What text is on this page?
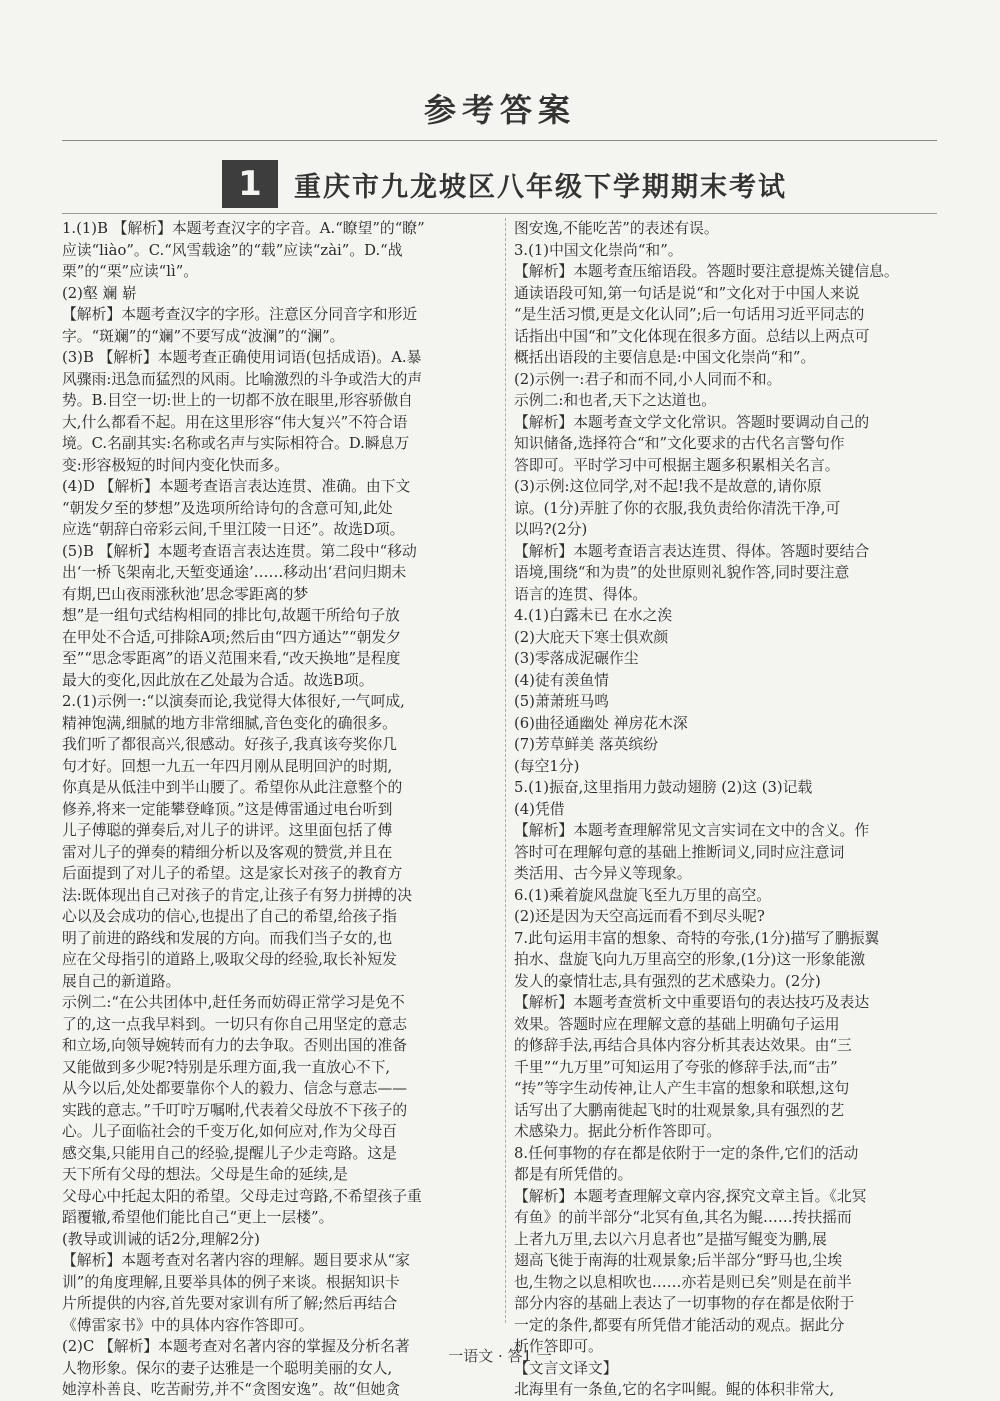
参考答案
1	重庆市九龙坡区八年级下学期期末考试
1.(1)B 【解析】本题考查汉字的字音。A.“瞭望”的“瞭”
应读“liào”。C.“风雪载途”的“载”应读“zài”。D.“战
栗”的“栗”应读“lì”。
(2)壑 斓 崭
【解析】本题考查汉字的字形。注意区分同音字和形近
字。“斑斓”的“斓”不要写成“波澜”的“澜”。
(3)B 【解析】本题考查正确使用词语(包括成语)。A.暴
风骤雨:迅急而猛烈的风雨。比喻激烈的斗争或浩大的声
势。B.目空一切:世上的一切都不放在眼里,形容骄傲自
大,什么都看不起。用在这里形容“伟大复兴”不符合语
境。C.名副其实:名称或名声与实际相符合。D.瞬息万
变:形容极短的时间内变化快而多。
(4)D 【解析】本题考查语言表达连贯、准确。由下文
“朝发夕至的梦想”及选项所给诗句的含意可知,此处
应选“朝辞白帝彩云间,千里江陵一日还”。故选D项。
(5)B 【解析】本题考查语言表达连贯。第二段中“移动
出‘一桥飞架南北,天堑变通途’……移动出‘君问归期未
有期,巴山夜雨涨秋池’思念零距离的梦
想”是一组句式结构相同的排比句,故题干所给句子放
在甲处不合适,可排除A项;然后由“四方通达”“朝发夕
至”“思念零距离”的语义范围来看,“改天换地”是程度
最大的变化,因此放在乙处最为合适。故选B项。
2.(1)示例一:“以演奏而论,我觉得大体很好,一气呵成,
精神饱满,细腻的地方非常细腻,音色变化的确很多。
我们听了都很高兴,很感动。好孩子,我真该夸奖你几
句才好。回想一九五一年四月刚从昆明回沪的时期,
你真是从低洼中到半山腰了。希望你从此注意整个的
修养,将来一定能攀登峰顶。”这是傅雷通过电台听到
儿子傅聪的弹奏后,对儿子的讲评。这里面包括了傅
雷对儿子的弹奏的精细分析以及客观的赞赏,并且在
后面提到了对儿子的希望。这是家长对孩子的教育方
法:既体现出自己对孩子的肯定,让孩子有努力拼搏的决
心以及会成功的信心,也提出了自己的希望,给孩子指
明了前进的路线和发展的方向。而我们当子女的,也
应在父母指引的道路上,吸取父母的经验,取长补短发
展自己的新道路。
示例二:“在公共团体中,赶任务而妨碍正常学习是免不
了的,这一点我早料到。一切只有你自己用坚定的意志
和立场,向领导婉转而有力的去争取。否则出国的准备
又能做到多少呢?特别是乐理方面,我一直放心不下,
从今以后,处处都要靠你个人的毅力、信念与意志——
实践的意志。”千叮咛万嘱咐,代表着父母放不下孩子的
心。儿子面临社会的千变万化,如何应对,作为父母百
感交集,只能用自己的经验,提醒儿子少走弯路。这是
天下所有父母的想法。父母是生命的延续,是
父母心中托起太阳的希望。父母走过弯路,不希望孩子重
蹈覆辙,希望他们能比自己“更上一层楼”。
(教导或训诫的话2分,理解2分)
【解析】本题考查对名著内容的理解。题目要求从“家
训”的角度理解,且要举具体的例子来谈。根据知识卡
片所提供的内容,首先要对家训有所了解;然后再结合
《傅雷家书》中的具体内容作答即可。
(2)C 【解析】本题考查对名著内容的掌握及分析名著
人物形象。保尔的妻子达雅是一个聪明美丽的女人,
她淳朴善良、吃苦耐劳,并不“贪图安逸”。故“但她贪
图安逸,不能吃苦”的表述有误。
3.(1)中国文化崇尚“和”。
【解析】本题考查压缩语段。答题时要注意提炼关键信息。
通读语段可知,第一句话是说“和”文化对于中国人来说
“是生活习惯,更是文化认同”;后一句话用习近平同志的
话指出中国“和”文化体现在很多方面。总结以上两点可
概括出语段的主要信息是:中国文化崇尚“和”。
(2)示例一:君子和而不同,小人同而不和。
示例二:和也者,天下之达道也。
【解析】本题考查文学文化常识。答题时要调动自己的
知识储备,选择符合“和”文化要求的古代名言警句作
答即可。平时学习中可根据主题多积累相关名言。
(3)示例:这位同学,对不起!我不是故意的,请你原
谅。(1分)弄脏了你的衣服,我负责给你清洗干净,可
以吗?(2分)
【解析】本题考查语言表达连贯、得体。答题时要结合
语境,围绕“和为贵”的处世原则礼貌作答,同时要注意
语言的连贯、得体。
4.(1)白露未已 在水之涘
(2)大庇天下寒士俱欢颜
(3)零落成泥碾作尘
(4)徒有羡鱼情
(5)萧萧班马鸣
(6)曲径通幽处 禅房花木深
(7)芳草鲜美 落英缤纷
(每空1分)
5.(1)振奋,这里指用力鼓动翅膀 (2)这 (3)记载
(4)凭借
【解析】本题考查理解常见文言实词在文中的含义。作
答时可在理解句意的基础上推断词义,同时应注意词
类活用、古今异义等现象。
6.(1)乘着旋风盘旋飞至九万里的高空。
(2)还是因为天空高远而看不到尽头呢?
7.此句运用丰富的想象、奇特的夸张,(1分)描写了鹏振翼
拍水、盘旋飞向九万里高空的形象,(1分)这一形象能激
发人的豪情壮志,具有强烈的艺术感染力。(2分)
【解析】本题考查赏析文中重要语句的表达技巧及表达
效果。答题时应在理解文意的基础上明确句子运用
的修辞手法,再结合具体内容分析其表达效果。由“三
千里”“九万里”可知运用了夸张的修辞手法,而“击”
“抟”等字生动传神,让人产生丰富的想象和联想,这句
话写出了大鹏南徙起飞时的壮观景象,具有强烈的艺
术感染力。据此分析作答即可。
8.任何事物的存在都是依附于一定的条件,它们的活动
都是有所凭借的。
【解析】本题考查理解文章内容,探究文章主旨。《北冥
有鱼》的前半部分“北冥有鱼,其名为鲲……抟扶摇而
上者九万里,去以六月息者也”是描写鲲变为鹏,展
翅高飞徙于南海的壮观景象;后半部分“野马也,尘埃
也,生物之以息相吹也……亦若是则已矣”则是在前半
部分内容的基础上表达了一切事物的存在都是依附于
一定的条件,都要有所凭借才能活动的观点。据此分
析作答即可。
【文言文译文】
北海里有一条鱼,它的名字叫鲲。鲲的体积非常大,
一语文 · 答1 一
